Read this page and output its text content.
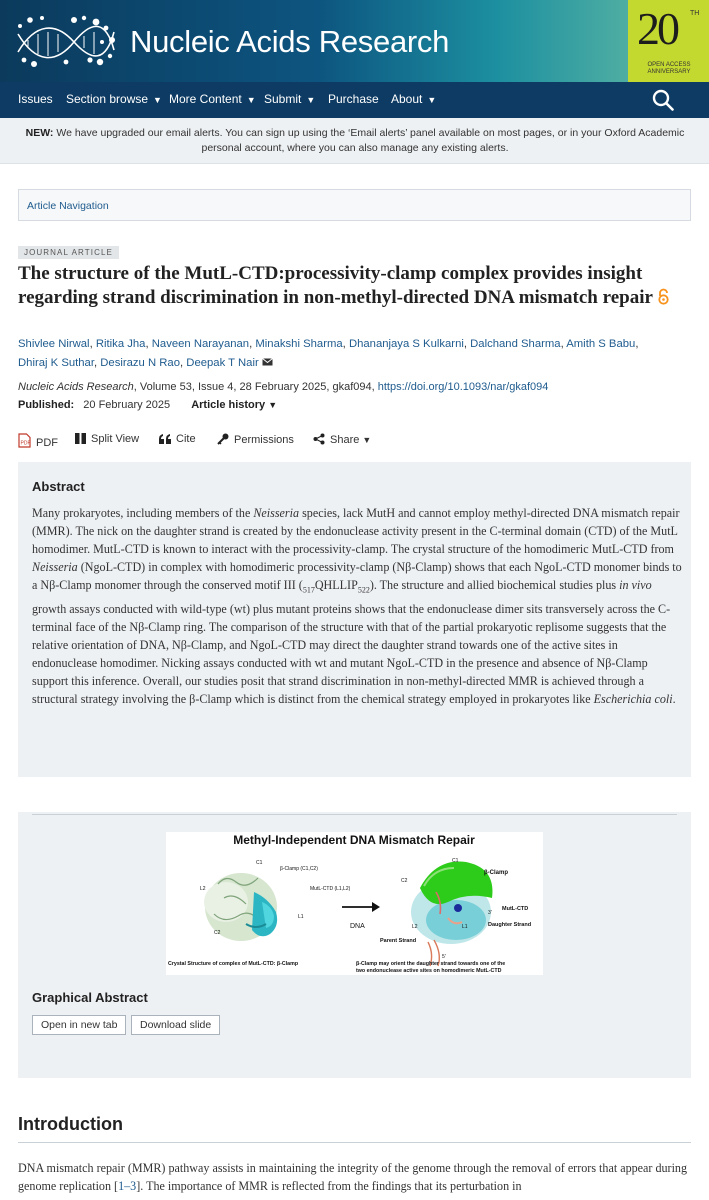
Nucleic Acids Research	20 TH
OPEN ACCESS ANNIVERSARY
Issues Section browse ▼ More Content ▼ Submit ▼ Purchase About ▼
NEW: We have upgraded our email alerts. You can sign up using the ‘Email alerts’ panel available on most pages, or in your Oxford Academic personal account, where you can also manage any existing alerts.
Article Navigation
JOURNAL ARTICLE
The structure of the MutL-CTD:processivity-clamp complex provides insight regarding strand discrimination in non-methyl-directed DNA mismatch repair
Shivlee Nirwal, Ritika Jha, Naveen Narayanan, Minakshi Sharma, Dhananjaya S Kulkarni, Dalchand Sharma, Amith S Babu,
Dhiraj K Suthar, Desirazu N Rao, Deepak T Nair
Nucleic Acids Research, Volume 53, Issue 4, 28 February 2025, gkaf094, https://doi.org/10.1093/nar/gkaf094
Published: 20 February 2025 Article history ▼
PDF PDF	Split View	Cite	Permissions	Share ▼
Abstract

Many prokaryotes, including members of the Neisseria species, lack MutH and cannot employ methyl-directed DNA mismatch repair (MMR). The nick on the daughter strand is created by the endonuclease activity present in the C-terminal domain (CTD) of the MutL homodimer. MutL-CTD is known to interact with the processivity-clamp. The crystal structure of the homodimeric MutL-CTD from Neisseria (NgoL-CTD) in complex with homodimeric processivity-clamp (Nβ-Clamp) shows that each NgoL-CTD monomer binds to a Nβ-Clamp monomer through the conserved motif III $(_{517}QHLLIP_{522})$. The structure and allied biochemical studies plus in vivo growth assays conducted with wild-type (wt) plus mutant proteins shows that the endonuclease dimer sits transversely across the C-terminal face of the Nβ-Clamp ring. The comparison of the structure with that of the partial prokaryotic replisome suggests that the relative orientation of DNA, Nβ-Clamp, and NgoL-CTD may direct the daughter strand towards one of the active sites in endonuclease homodimer. Nicking assays conducted with wt and mutant NgoL-CTD in the presence and absence of Nβ-Clamp support this inference. Overall, our studies posit that strand discrimination in non-methyl-directed MMR is achieved through a structural strategy involving the β-Clamp which is distinct from the chemical strategy employed in prokaryotes like Escherichia coli.

Methyl-Independent DNA Mismatch Repair
C1
β-Clamp (C1,C2)
MutL-CTD (L1,L2)
L2
L1
C2
DNA
C1
β-Clamp
C2
MutL-CTD
Daughter Strand
Parent Strand
L2	L1
3'
5'
Crystal Structure of complex of MutL-CTD: β-Clamp	β-Clamp may orient the daughter strand towards one of the
two endonuclease active sites on homodimeric MutL-CTD
Graphical Abstract
Open in new tab	Download slide
Introduction

DNA mismatch repair (MMR) pathway assists in maintaining the integrity of the genome through the removal of errors that appear during genome replication [1–3]. The importance of MMR is reflected from the findings that its perturbation in
